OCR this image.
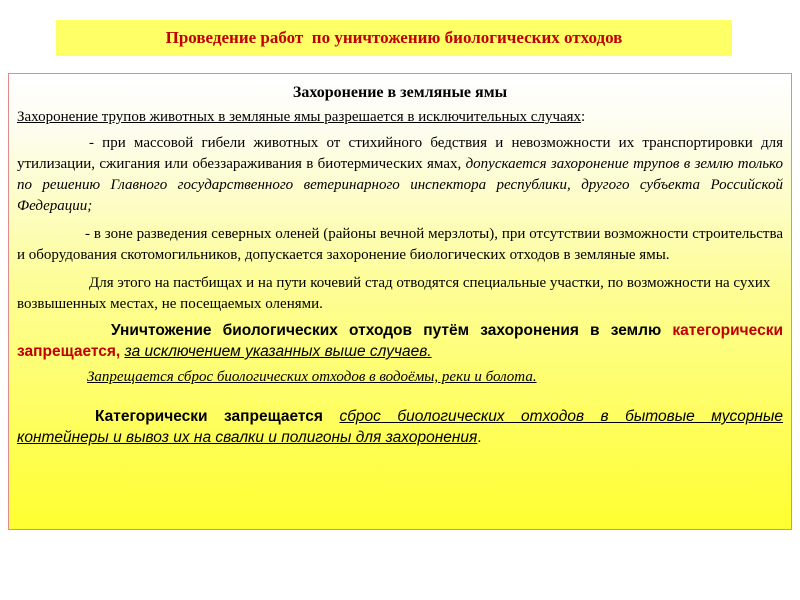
Проведение работ  по уничтожению биологических отходов
Захоронение в земляные ямы

Захоронение трупов животных в земляные ямы разрешается в исключительных случаях:

- при массовой гибели животных от стихийного бедствия и невозможности их транспортировки для утилизации, сжигания или обеззараживания в биотермических ямах, допускается захоронение трупов в землю только по решению Главного государственного ветеринарного инспектора республики, другого субъекта Российской Федерации;

- в зоне разведения северных оленей (районы вечной мерзлоты), при отсутствии возможности строительства и оборудования скотомогильников, допускается захоронение биологических отходов в земляные ямы.

Для этого на пастбищах и на пути кочевий стад отводятся специальные участки, по возможности на сухих возвышенных местах, не посещаемых оленями.

Уничтожение биологических отходов путём захоронения в землю категорически запрещается, за исключением указанных выше случаев.

Запрещается сброс биологических отходов в водоёмы, реки и болота.

Категорически запрещается сброс биологических отходов в бытовые мусорные контейнеры и вывоз их на свалки и полигоны для захоронения.
